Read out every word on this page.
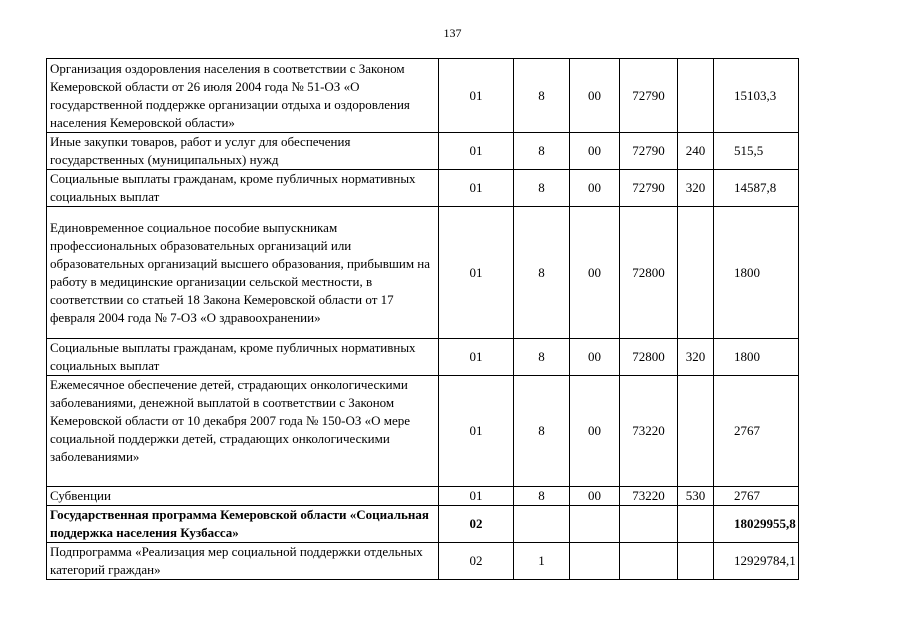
137
Организация оздоровления населения в соответствии с Законом Кемеровской области от 26 июля 2004 года № 51-ОЗ «О государственной поддержке организации отдыха и оздоровления населения Кемеровской области»	01	8	00	72790		15103,3
Иные закупки товаров, работ и услуг для обеспечения государственных (муниципальных) нужд	01	8	00	72790	240	515,5
Социальные выплаты гражданам, кроме публичных нормативных социальных выплат	01	8	00	72790	320	14587,8
Единовременное социальное пособие выпускникам профессиональных образовательных организаций или образовательных организаций высшего образования, прибывшим на работу в медицинские организации сельской местности, в соответствии со статьей 18 Закона Кемеровской области от 17 февраля 2004 года № 7-ОЗ «О здравоохранении»	01	8	00	72800		1800
Социальные выплаты гражданам, кроме публичных нормативных социальных выплат	01	8	00	72800	320	1800
Ежемесячное обеспечение детей, страдающих онкологическими заболеваниями, денежной выплатой в соответствии с Законом Кемеровской области от 10 декабря 2007 года № 150-ОЗ «О мере социальной поддержки детей, страдающих онкологическими заболеваниями»	01	8	00	73220		2767
Субвенции	01	8	00	73220	530	2767
Государственная программа Кемеровской области «Социальная поддержка населения Кузбасса»	02					18029955,8
Подпрограмма «Реализация мер социальной поддержки отдельных категорий граждан»	02	1				12929784,1
